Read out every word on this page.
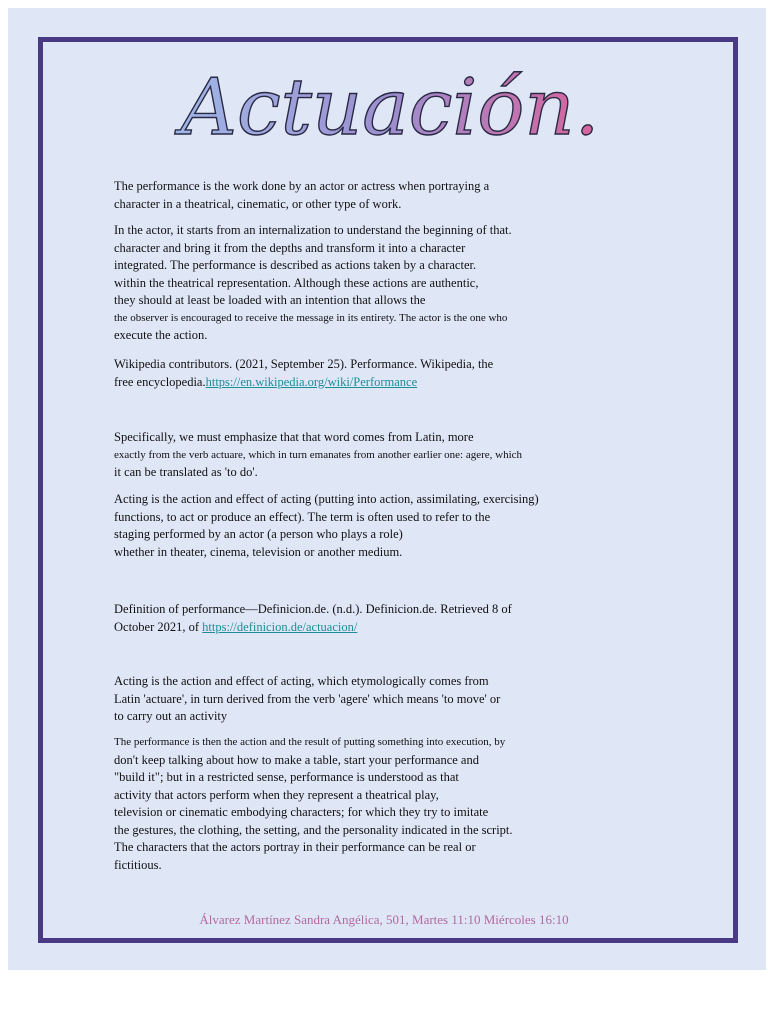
Actuación.

The performance is the work done by an actor or actress when portraying a

character in a theatrical, cinematic, or other type of work.

In the actor, it starts from an internalization to understand the beginning of that.

character and bring it from the depths and transform it into a character

integrated. The performance is described as actions taken by a character.

within the theatrical representation. Although these actions are authentic,

they should at least be loaded with an intention that allows the

the observer is encouraged to receive the message in its entirety. The actor is the one who

execute the action.

Wikipedia contributors. (2021, September 25). Performance. Wikipedia, the

free encyclopedia.https://en.wikipedia.org/wiki/Performance

Specifically, we must emphasize that that word comes from Latin, more

exactly from the verb actuare, which in turn emanates from another earlier one: agere, which

it can be translated as 'to do'.

Acting is the action and effect of acting (putting into action, assimilating, exercising)

functions, to act or produce an effect). The term is often used to refer to the

staging performed by an actor (a person who plays a role)

whether in theater, cinema, television or another medium.

Definition of performance—Definicion.de. (n.d.). Definicion.de. Retrieved 8 of

October 2021, of https://definicion.de/actuacion/

Acting is the action and effect of acting, which etymologically comes from

Latin 'actuare', in turn derived from the verb 'agere' which means 'to move' or

to carry out an activity

The performance is then the action and the result of putting something into execution, by

don't keep talking about how to make a table, start your performance and

"build it"; but in a restricted sense, performance is understood as that

activity that actors perform when they represent a theatrical play,

television or cinematic embodying characters; for which they try to imitate

the gestures, the clothing, the setting, and the personality indicated in the script.

The characters that the actors portray in their performance can be real or

fictitious.

Álvarez Martínez Sandra Angélica, 501, Martes 11:10 Miércoles 16:10
